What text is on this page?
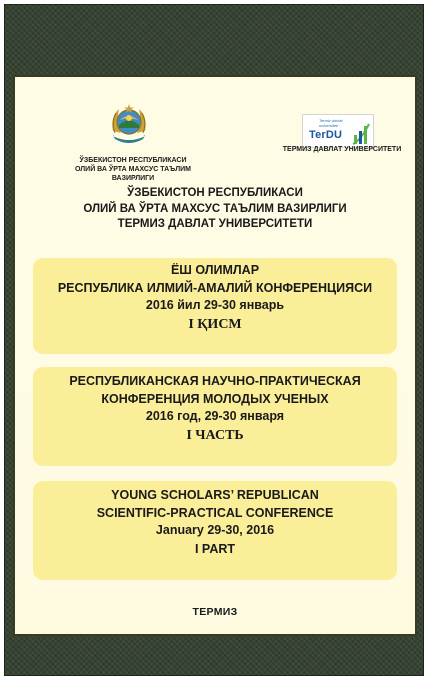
ЎЗБЕКИСТОН РЕСПУБЛИКАСИ
ОЛИЙ ВА ЎРТА МАХСУС ТАЪЛИМ ВАЗИРЛИГИ
Termiz davlat
universiteti
TerDU
ТЕРМИЗ ДАВЛАТ УНИВЕРСИТЕТИ
ЎЗБЕКИСТОН РЕСПУБЛИКАСИ
ОЛИЙ ВА ЎРТА МАХСУС ТАЪЛИМ ВАЗИРЛИГИ
ТЕРМИЗ ДАВЛАТ УНИВЕРСИТЕТИ
ЁШ ОЛИМЛАР
РЕСПУБЛИКА ИЛМИЙ-АМАЛИЙ КОНФЕРЕНЦИЯСИ
2016 йил 29-30 январь
I ҚИСМ
РЕСПУБЛИКАНСКАЯ НАУЧНО-ПРАКТИЧЕСКАЯ
КОНФЕРЕНЦИЯ МОЛОДЫХ УЧЕНЫХ
2016 год, 29-30 января
I ЧАСТЬ
YOUNG SCHOLARS’ REPUBLICAN
SCIENTIFIC-PRACTICAL CONFERENCE
January 29-30, 2016
I PART
ТЕРМИЗ
